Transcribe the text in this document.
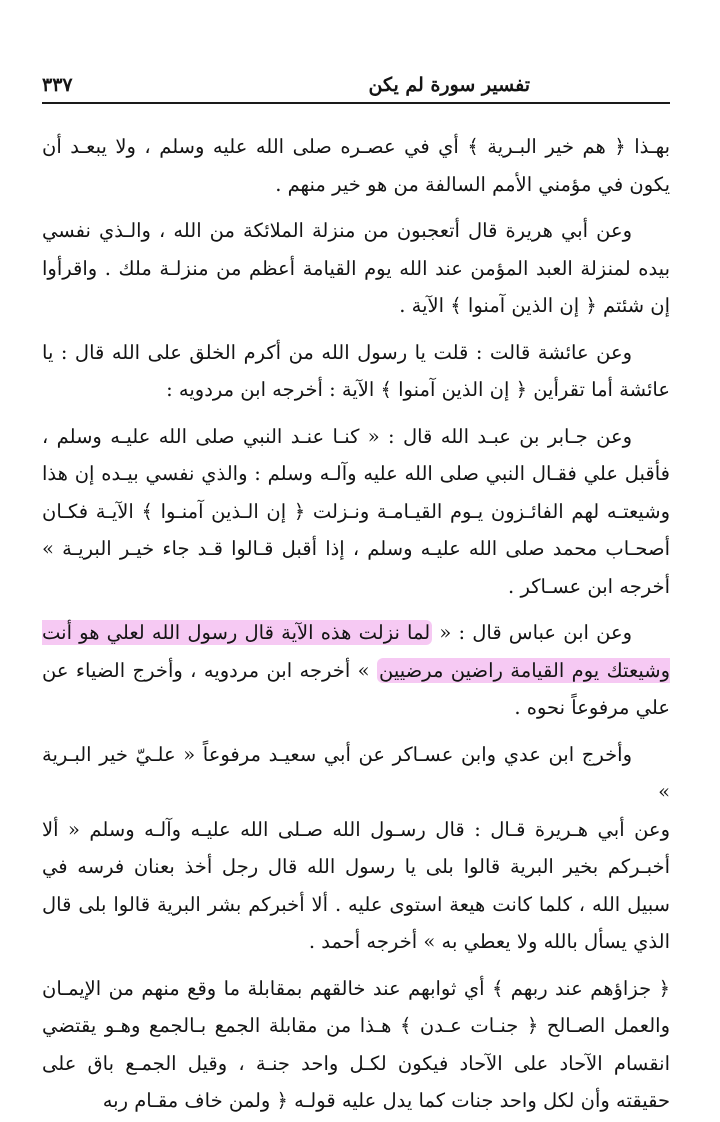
٣٣٧	تفسير سورة لم يكن

بهـذا ﴿ هم خير البـرية ﴾ أي في عصـره صلى الله عليه وسلم ، ولا يبعـد أن يكون في مؤمني الأمم السالفة من هو خير منهم .

وعن أبي هريرة قال أتعجبون من منزلة الملائكة من الله ، والـذي نفسي بيده لمنزلة العبد المؤمن عند الله يوم القيامة أعظم من منزلـة ملك . واقرأوا إن شئتم ﴿ إن الذين آمنوا ﴾ الآية .

وعن عائشة قالت : قلت يا رسول الله من أكرم الخلق على الله قال : يا عائشة أما تقرأين ﴿ إن الذين آمنوا ﴾ الآية : أخرجه ابن مردويه :

وعن جـابر بن عبـد الله قال : « كنـا عنـد النبي صلى الله عليـه وسلم ، فأقبل علي فقـال النبي صلى الله عليه وآلـه وسلم : والذي نفسي بيـده إن هذا وشيعتـه لهم الفائـزون يـوم القيـامـة ونـزلت ﴿ إن الـذين آمنـوا ﴾ الآيـة فكـان أصحـاب محمد صلى الله عليـه وسلم ، إذا أقبل قـالوا قـد جاء خيـر البريـة » أخرجه ابن عسـاكر .

وعن ابن عباس قال : « لما نزلت هذه الآية قال رسول الله لعلي هو أنت وشيعتك يوم القيامة راضين مرضيين » أخرجه ابن مردويه ، وأخرج الضياء عن علي مرفوعاً نحوه .

وأخرج ابن عدي وابن عسـاكر عن أبي سعيـد مرفوعاً « علـيّ خير البـرية »

وعن أبي هـريرة قـال : قال رسـول الله صـلى الله عليـه وآلـه وسلم « ألا أخبـركم بخير البرية قالوا بلى يا رسول الله قال رجل أخذ بعنان فرسه في سبيل الله ، كلما كانت هيعة استوى عليه . ألا أخبركم بشر البرية قالوا بلى قال الذي يسأل بالله ولا يعطي به » أخرجه أحمد .

﴿ جزاؤهم عند ربهم ﴾ أي ثوابهم عند خالقهم بمقابلة ما وقع منهم من الإيمـان والعمل الصـالح ﴿ جنـات عـدن ﴾ هـذا من مقابلة الجمع بـالجمع وهـو يقتضي انقسام الآحاد على الآحاد فيكون لكـل واحد جنـة ، وقيل الجمـع باق على حقيقته وأن لكل واحد جنات كما يدل عليه قولـه ﴿ ولمن خاف مقـام ربه
